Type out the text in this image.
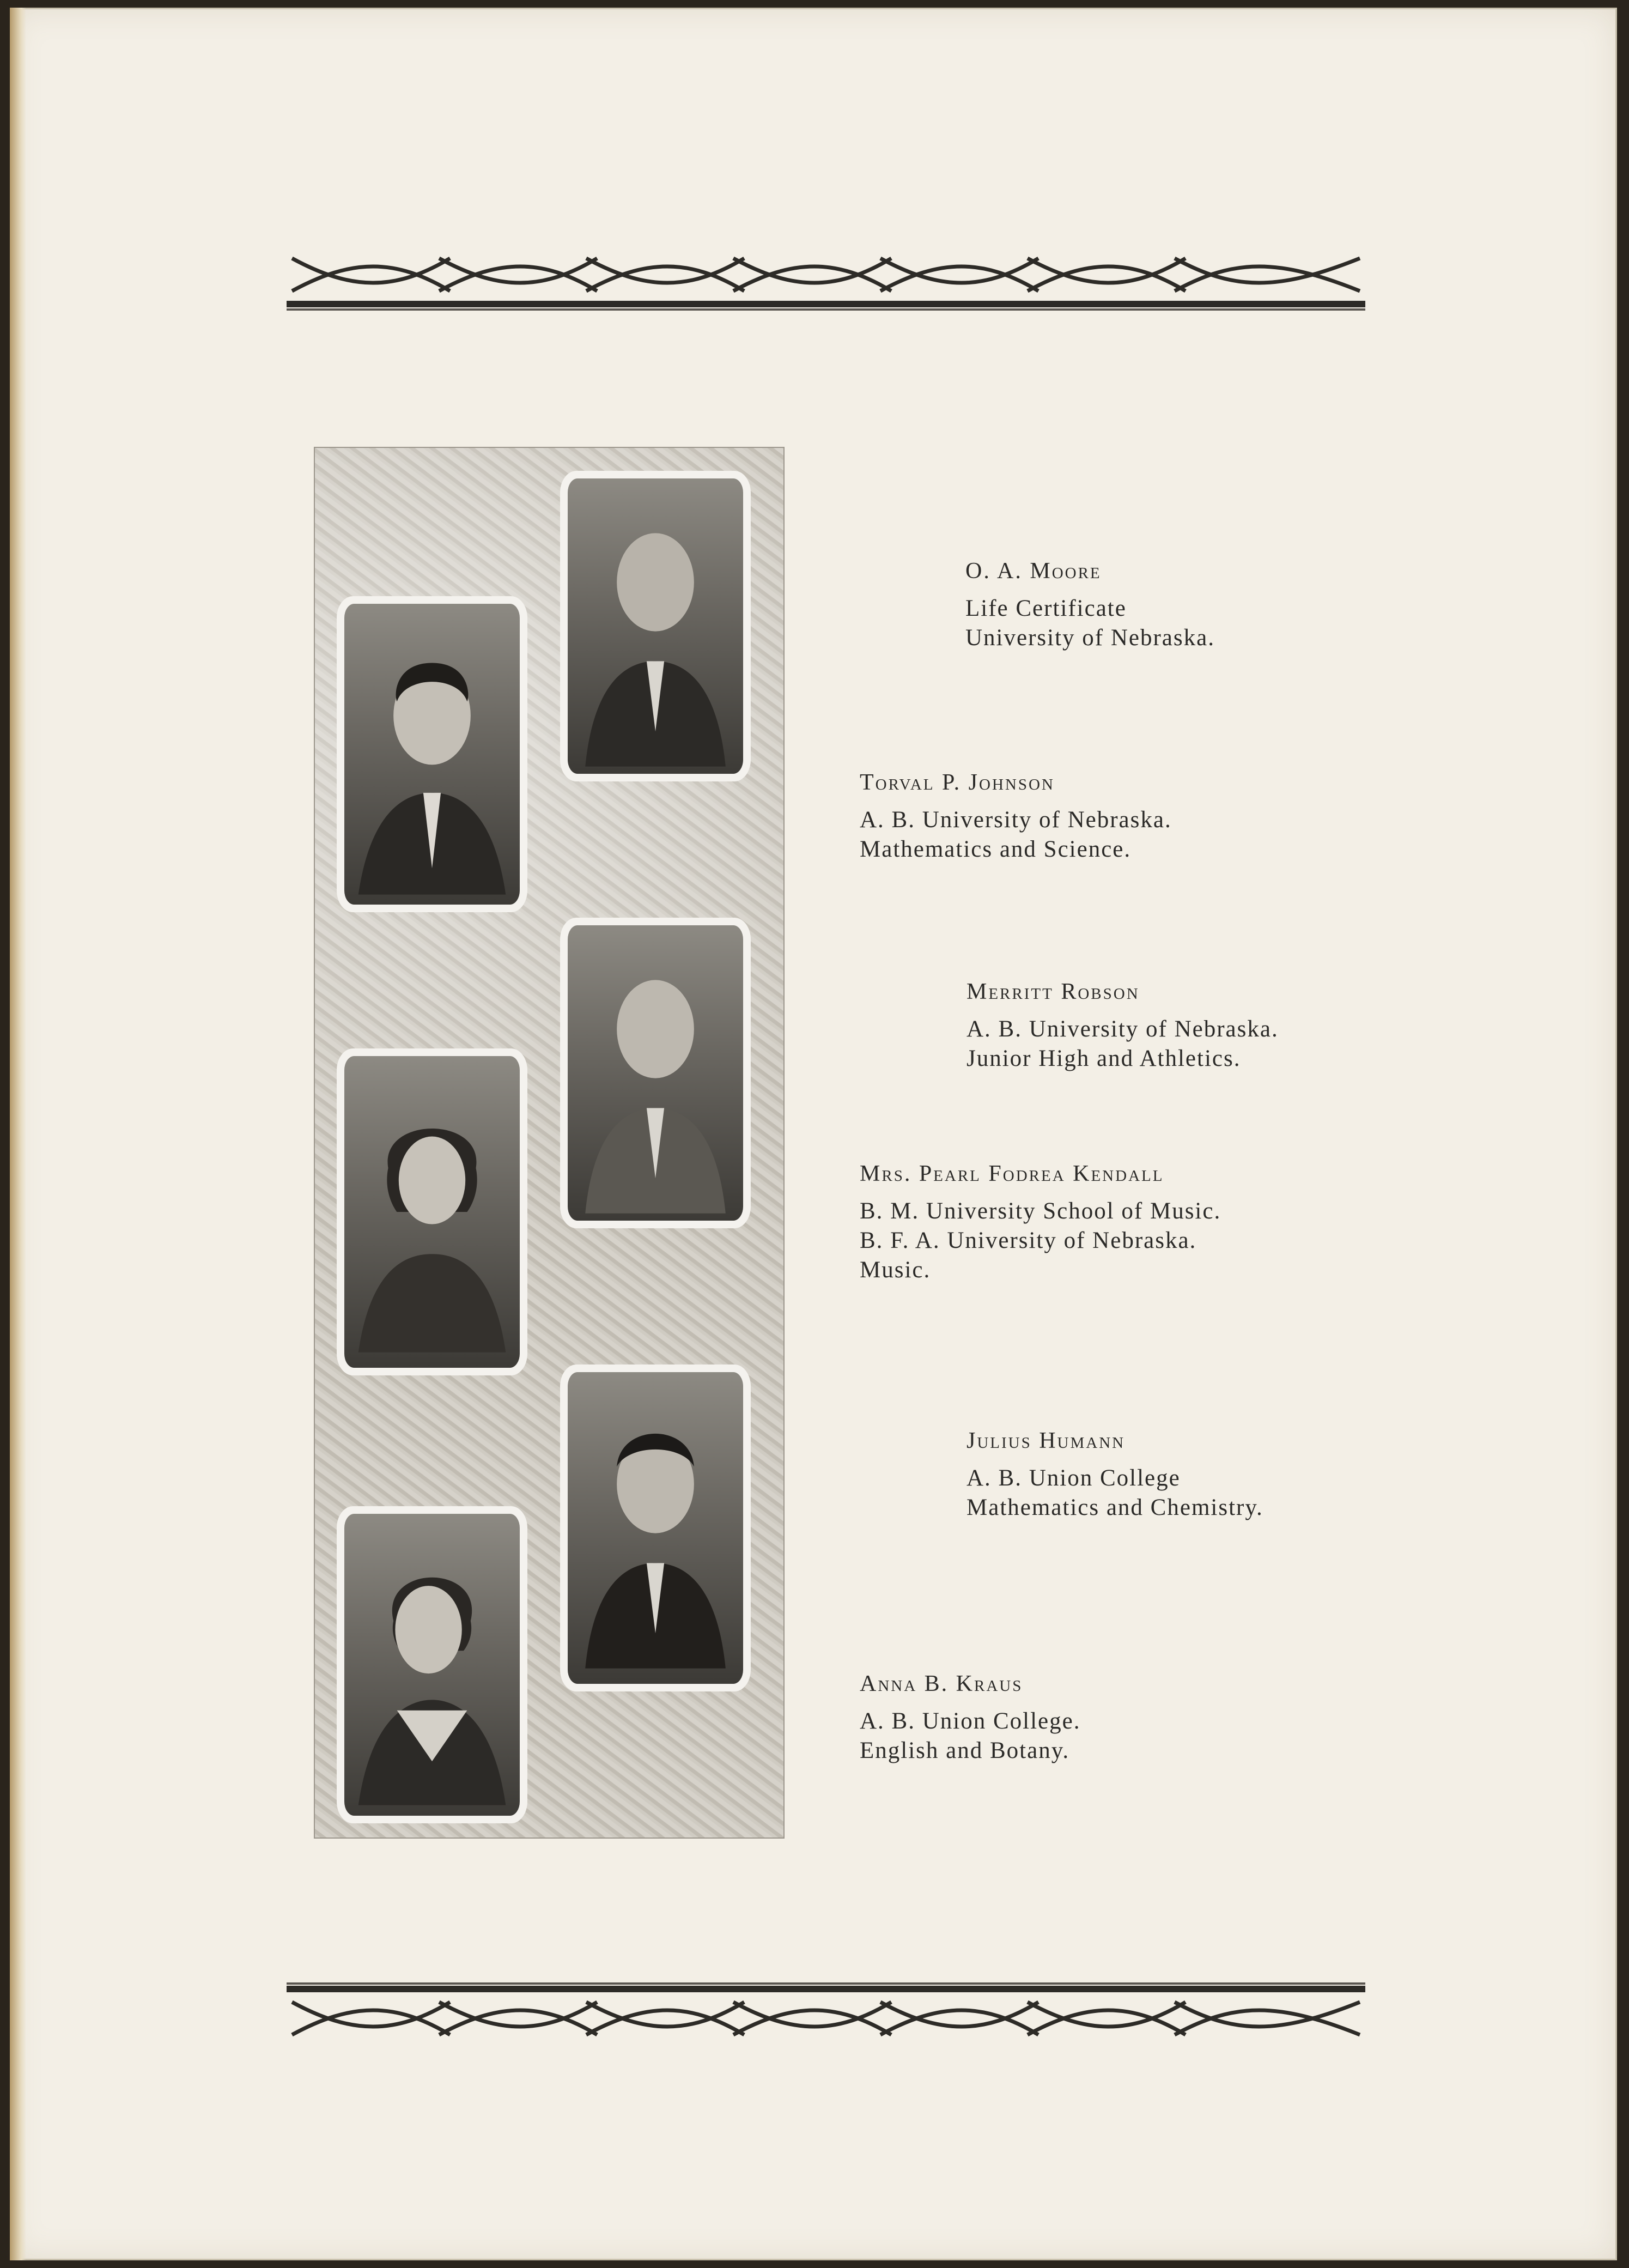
O. A. Moore
Life Certificate
University of Nebraska.
Torval P. Johnson
A. B. University of Nebraska.
Mathematics and Science.
Merritt Robson
A. B. University of Nebraska.
Junior High and Athletics.
Mrs. Pearl Fodrea Kendall
B. M. University School of Music.
B. F. A. University of Nebraska.
Music.
Julius Humann
A. B. Union College
Mathematics and Chemistry.
Anna B. Kraus
A. B. Union College.
English and Botany.
